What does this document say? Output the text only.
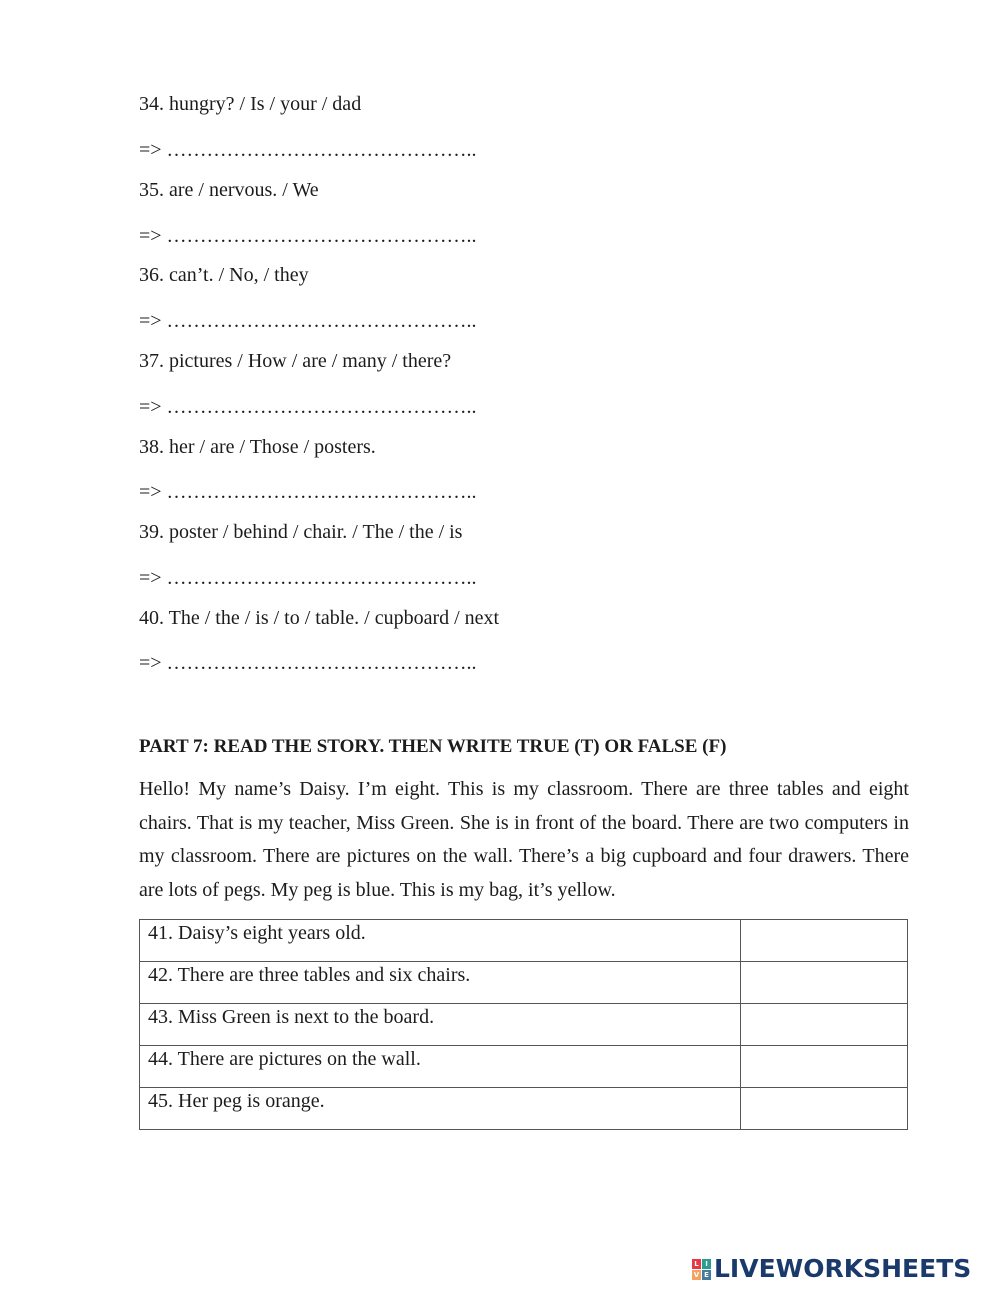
34. hungry? / Is / your / dad
=> ………………………………………..
35. are / nervous. / We
=> ………………………………………..
36. can’t. / No, / they
=> ………………………………………..
37. pictures / How / are / many / there?
=> ………………………………………..
38. her / are / Those / posters.
=> ………………………………………..
39. poster / behind / chair. / The / the / is
=> ………………………………………..
40. The / the / is / to / table. / cupboard / next
=> ………………………………………..
PART 7: READ THE STORY. THEN WRITE TRUE (T) OR FALSE (F)

Hello! My name’s Daisy. I’m eight. This is my classroom. There are three tables and eight chairs. That is my teacher, Miss Green. She is in front of the board. There are two computers in my classroom. There are pictures on the wall. There’s a big cupboard and four drawers. There are lots of pegs. My peg is blue. This is my bag, it’s yellow.

41. Daisy’s eight years old.	
42. There are three tables and six chairs.	
43. Miss Green is next to the board.	
44. There are pictures on the wall.	
45. Her peg is orange.	
L I
V E LIVEWORKSHEETS
